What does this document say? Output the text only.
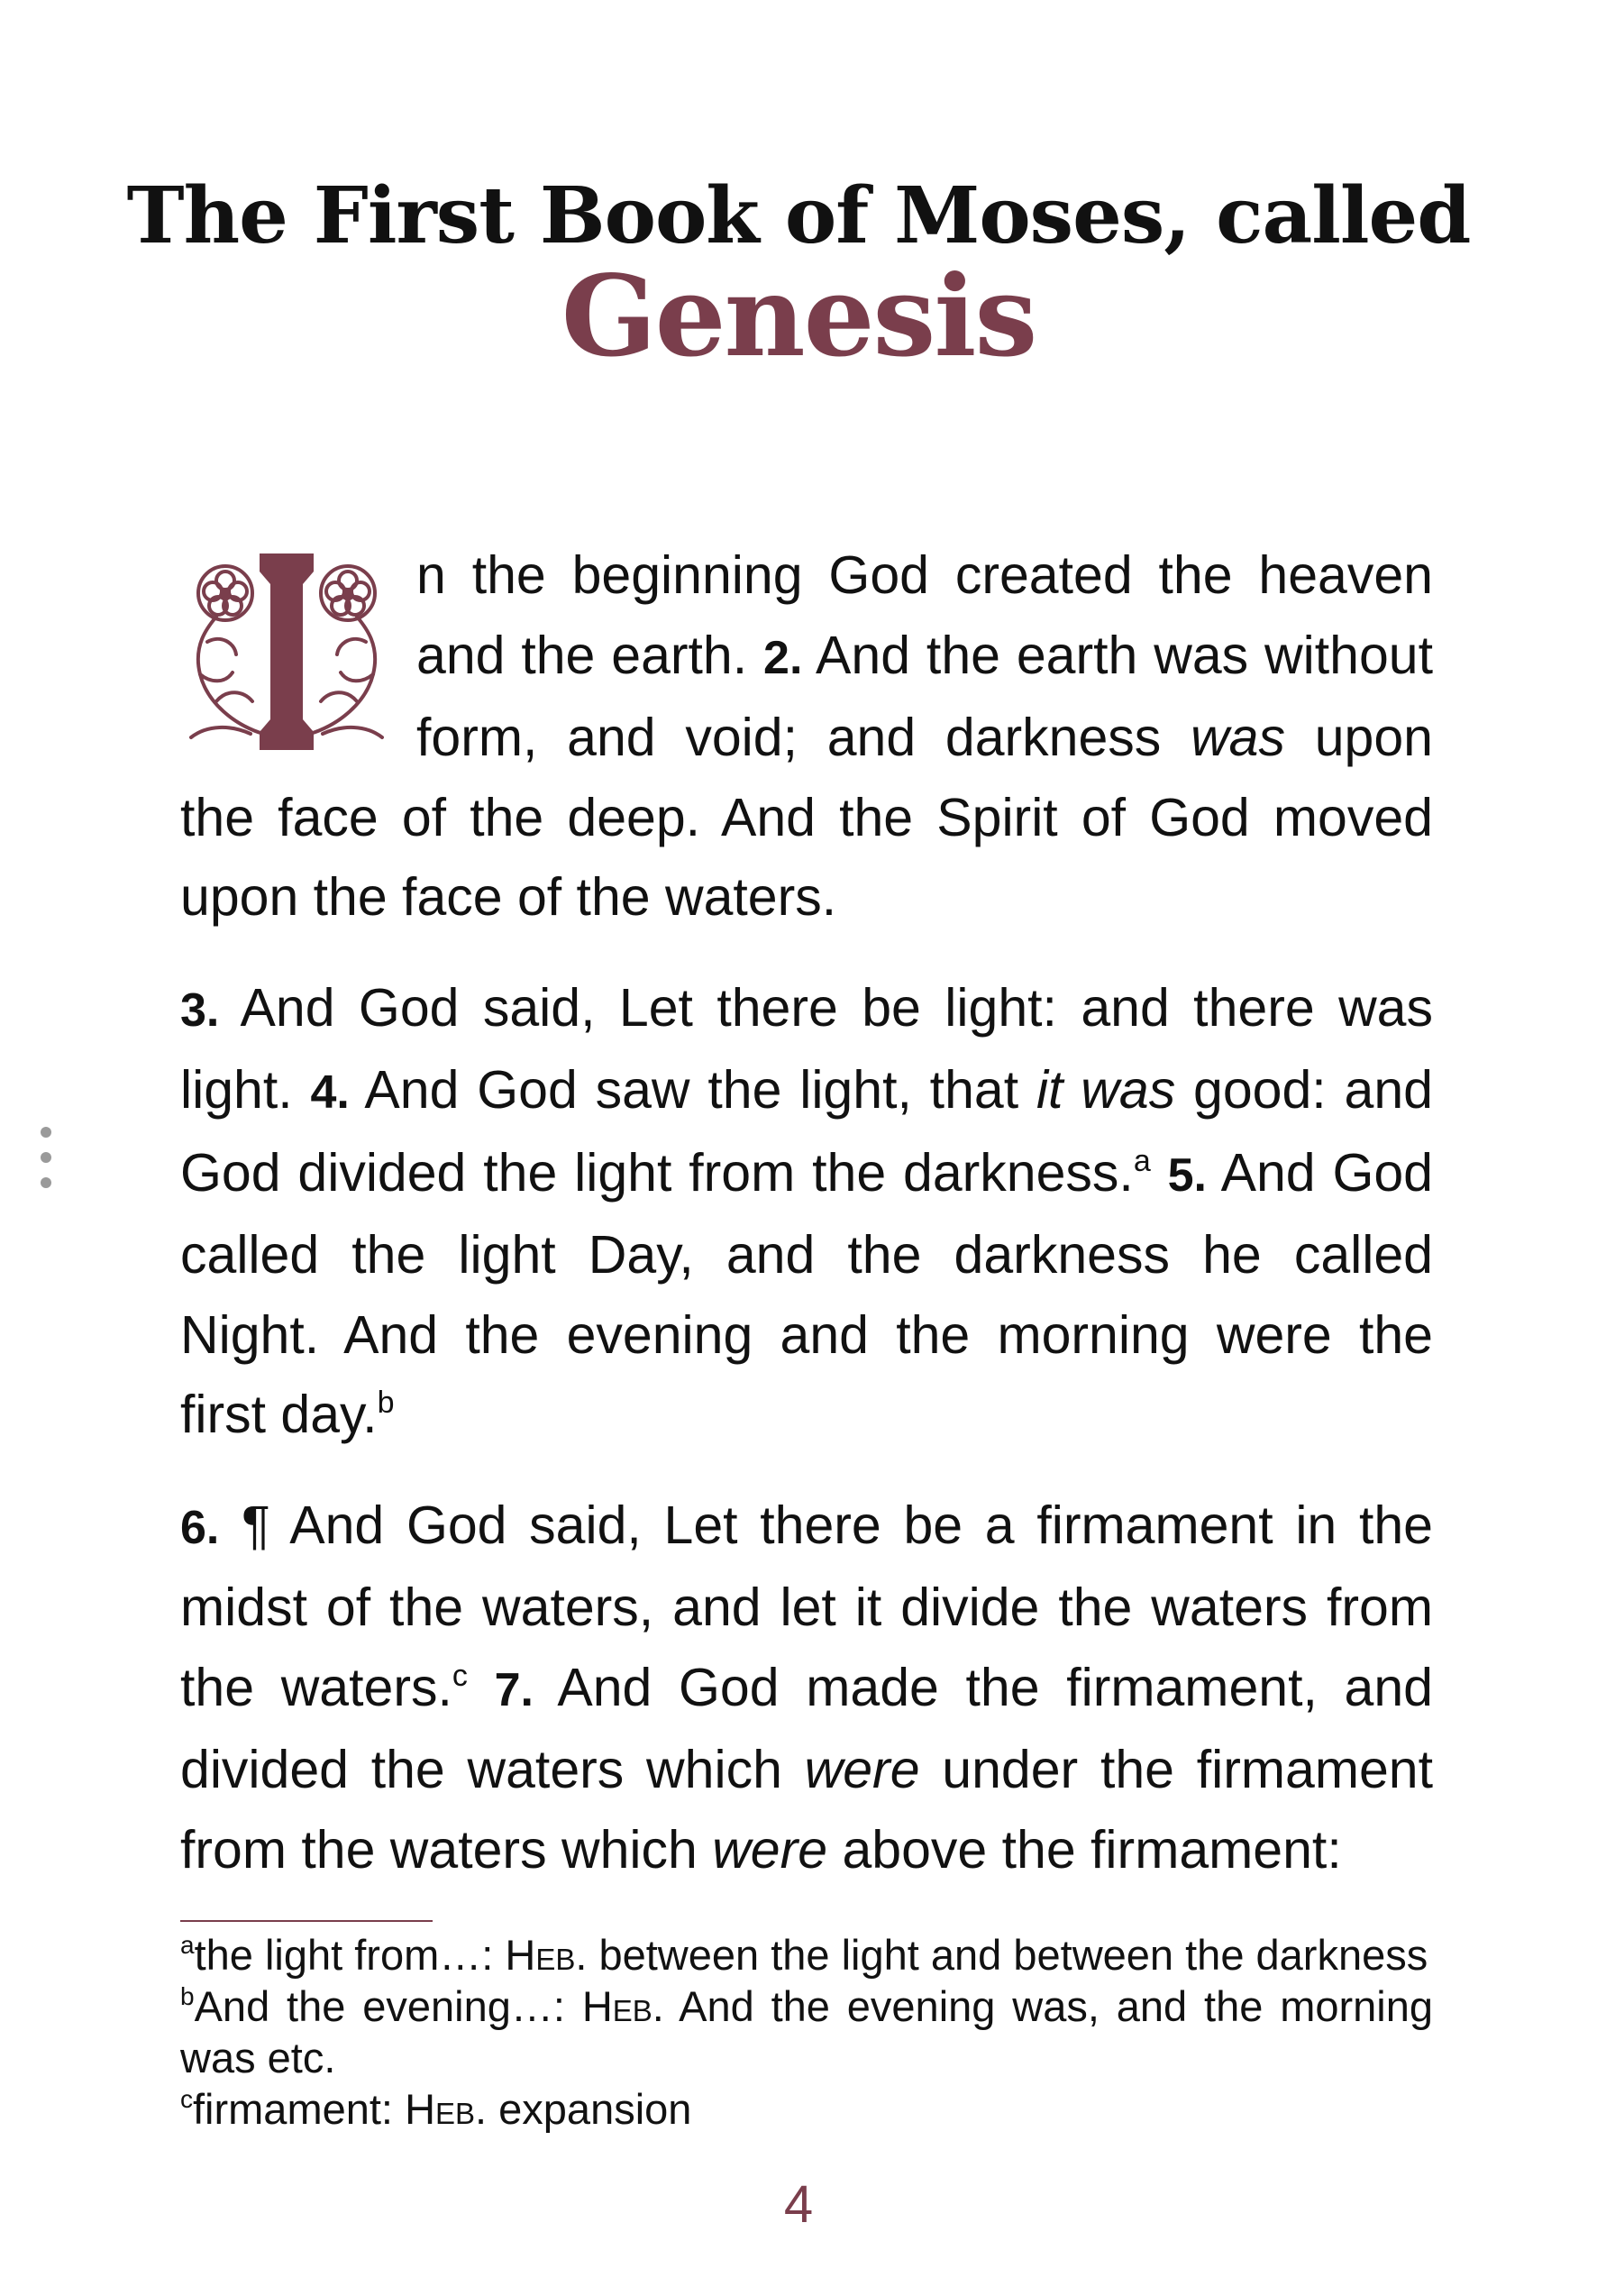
The First Book of Moses, called
Genesis

n the beginning God created the heaven and the earth. 2. And the earth was without form, and void; and darkness was upon the face of the deep. And the Spirit of God moved upon the face of the waters.

3. And God said, Let there be light: and there was light. 4. And God saw the light, that it was good: and God divided the light from the darkness.$^a$ 5. And God called the light Day, and the darkness he called Night. And the evening and the morning were the first day.$^b$

6. ¶ And God said, Let there be a firmament in the midst of the waters, and let it divide the waters from the waters.$^c$ 7. And God made the firmament, and divided the waters which were under the firmament from the waters which were above the firmament:

$^a$the light from…: Heb. between the light and between the darkness

$^b$And the evening…: Heb. And the evening was, and the morning was etc.

$^c$firmament: Heb. expansion

4
